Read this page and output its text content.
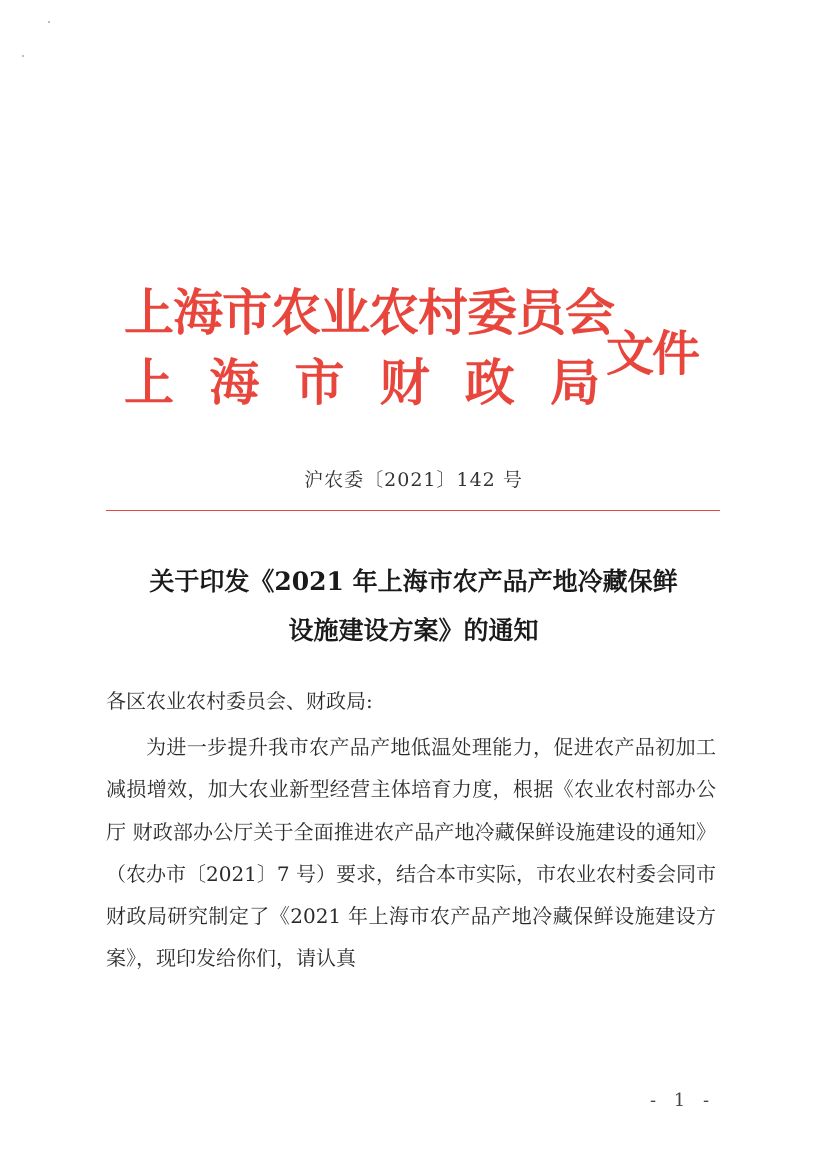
上海市农业农村委员会
上 海 市 财 政 局 文件
沪农委〔2021〕142 号
关于印发《2021 年上海市农产品产地冷藏保鲜
设施建设方案》的通知
各区农业农村委员会、财政局:
为进一步提升我市农产品产地低温处理能力，促进农产品初加工减损增效，加大农业新型经营主体培育力度，根据《农业农村部办公厅 财政部办公厅关于全面推进农产品产地冷藏保鲜设施建设的通知》（农办市〔2021〕7 号）要求，结合本市实际，市农业农村委会同市财政局研究制定了《2021 年上海市农产品产地冷藏保鲜设施建设方案》，现印发给你们，请认真
- 1 -
